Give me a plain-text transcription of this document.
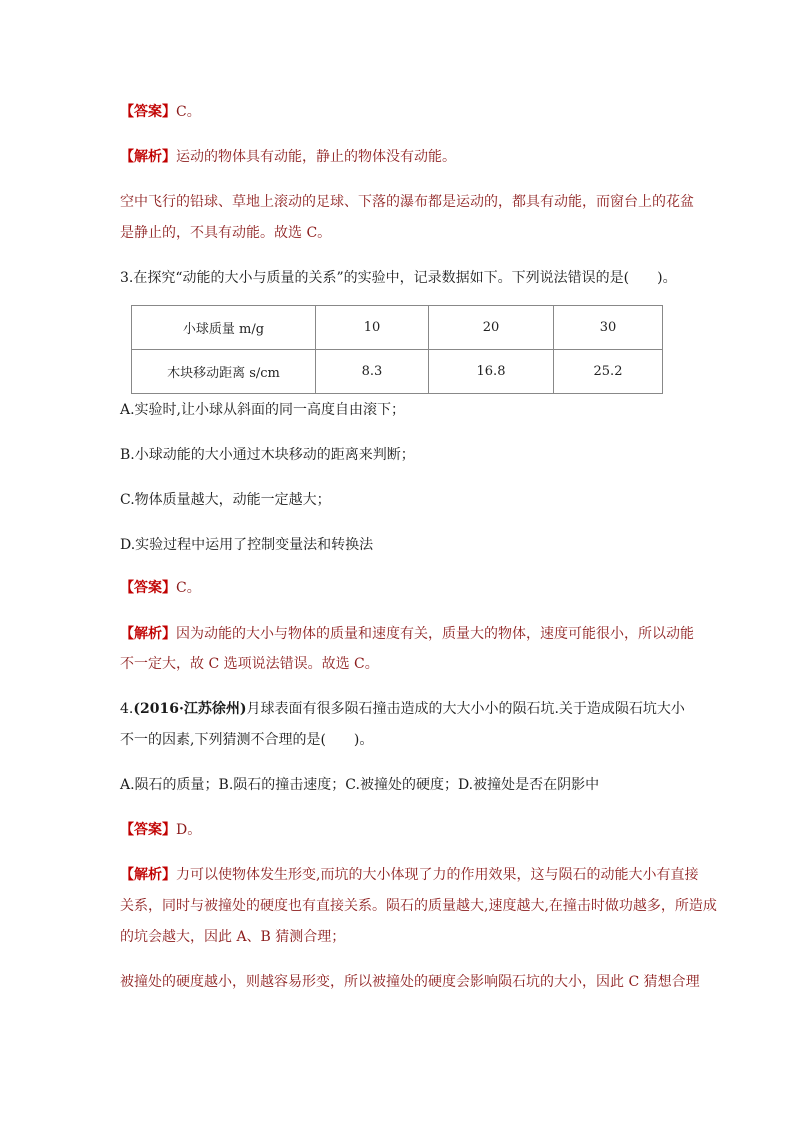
【答案】C。
【解析】运动的物体具有动能，静止的物体没有动能。
空中飞行的铅球、草地上滚动的足球、下落的瀑布都是运动的，都具有动能，而窗台上的花盆
是静止的，不具有动能。故选 C。
3.在探究“动能的大小与质量的关系”的实验中，记录数据如下。下列说法错误的是(　　)。
小球质量 m/g	10	20	30
木块移动距离 s/cm	8.3	16.8	25.2
A.实验时,让小球从斜面的同一高度自由滚下；
B.小球动能的大小通过木块移动的距离来判断；
C.物体质量越大，动能一定越大；
D.实验过程中运用了控制变量法和转换法
【答案】C。
【解析】因为动能的大小与物体的质量和速度有关，质量大的物体，速度可能很小，所以动能
不一定大，故 C 选项说法错误。故选 C。
4.(2016·江苏徐州)月球表面有很多陨石撞击造成的大大小小的陨石坑.关于造成陨石坑大小
不一的因素,下列猜测不合理的是(　　)。
A.陨石的质量；B.陨石的撞击速度；C.被撞处的硬度；D.被撞处是否在阴影中
【答案】D。
【解析】力可以使物体发生形变,而坑的大小体现了力的作用效果，这与陨石的动能大小有直接
关系，同时与被撞处的硬度也有直接关系。陨石的质量越大,速度越大,在撞击时做功越多，所造成
的坑会越大，因此 A、B 猜测合理；
被撞处的硬度越小，则越容易形变，所以被撞处的硬度会影响陨石坑的大小，因此 C 猜想合理
